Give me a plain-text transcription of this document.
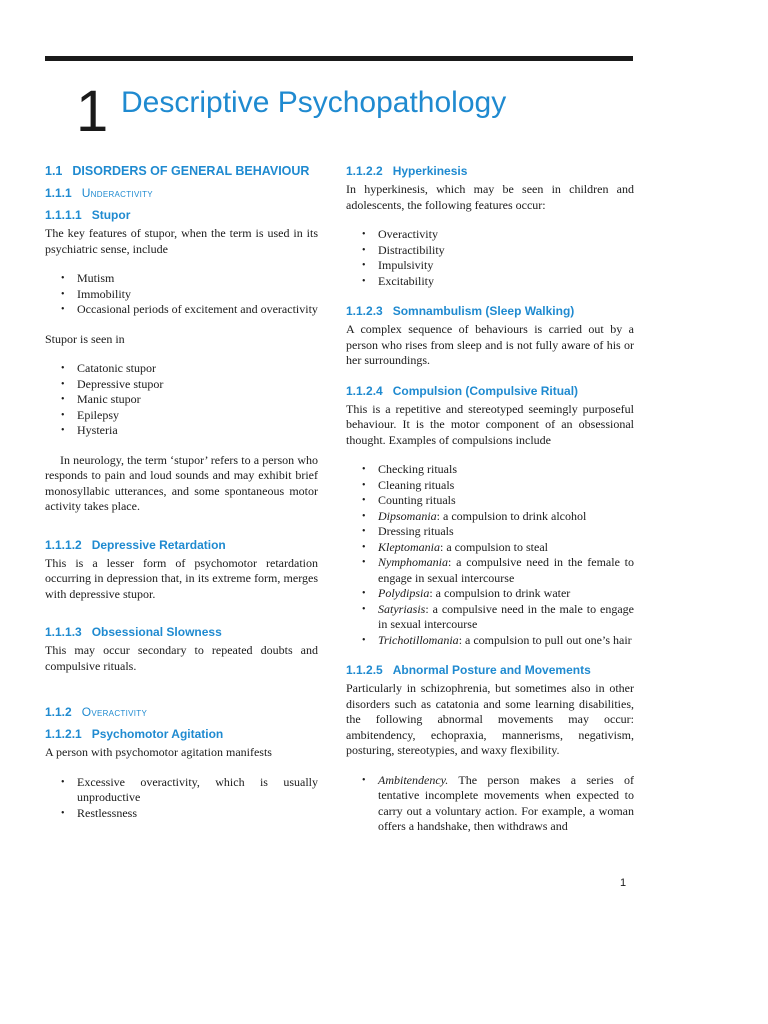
1 Descriptive Psychopathology
1.1 DISORDERS OF GENERAL BEHAVIOUR
1.1.1 Underactivity
1.1.1.1 Stupor

The key features of stupor, when the term is used in its psychiatric sense, include

• Mutism
• Immobility
• Occasional periods of excitement and overactivity

Stupor is seen in

• Catatonic stupor
• Depressive stupor
• Manic stupor
• Epilepsy
• Hysteria

In neurology, the term ‘stupor’ refers to a person who responds to pain and loud sounds and may exhibit brief monosyllabic utterances, and some spontaneous motor activity takes place.

1.1.1.2 Depressive Retardation

This is a lesser form of psychomotor retardation occurring in depression that, in its extreme form, merges with depressive stupor.

1.1.1.3 Obsessional Slowness

This may occur secondary to repeated doubts and compulsive rituals.

1.1.2 Overactivity
1.1.2.1 Psychomotor Agitation

A person with psychomotor agitation manifests

• Excessive overactivity, which is usually unproductive
• Restlessness
1.1.2.2 Hyperkinesis

In hyperkinesis, which may be seen in children and adolescents, the following features occur:

• Overactivity
• Distractibility
• Impulsivity
• Excitability
1.1.2.3 Somnambulism (Sleep Walking)

A complex sequence of behaviours is carried out by a person who rises from sleep and is not fully aware of his or her surroundings.

1.1.2.4 Compulsion (Compulsive Ritual)

This is a repetitive and stereotyped seemingly purposeful behaviour. It is the motor component of an obsessional thought. Examples of compulsions include

• Checking rituals
• Cleaning rituals
• Counting rituals
• Dipsomania: a compulsion to drink alcohol
• Dressing rituals
• Kleptomania: a compulsion to steal
• Nymphomania: a compulsive need in the female to engage in sexual intercourse
• Polydipsia: a compulsion to drink water
• Satyriasis: a compulsive need in the male to engage in sexual intercourse
• Trichotillomania: a compulsion to pull out one’s hair
1.1.2.5 Abnormal Posture and Movements

Particularly in schizophrenia, but sometimes also in other disorders such as catatonia and some learning disabilities, the following abnormal movements may occur: ambitendency, echopraxia, mannerisms, negativism, posturing, stereotypies, and waxy flexibility.

• Ambitendency. The person makes a series of tentative incomplete movements when expected to carry out a voluntary action. For example, a woman offers a handshake, then withdraws and
1
